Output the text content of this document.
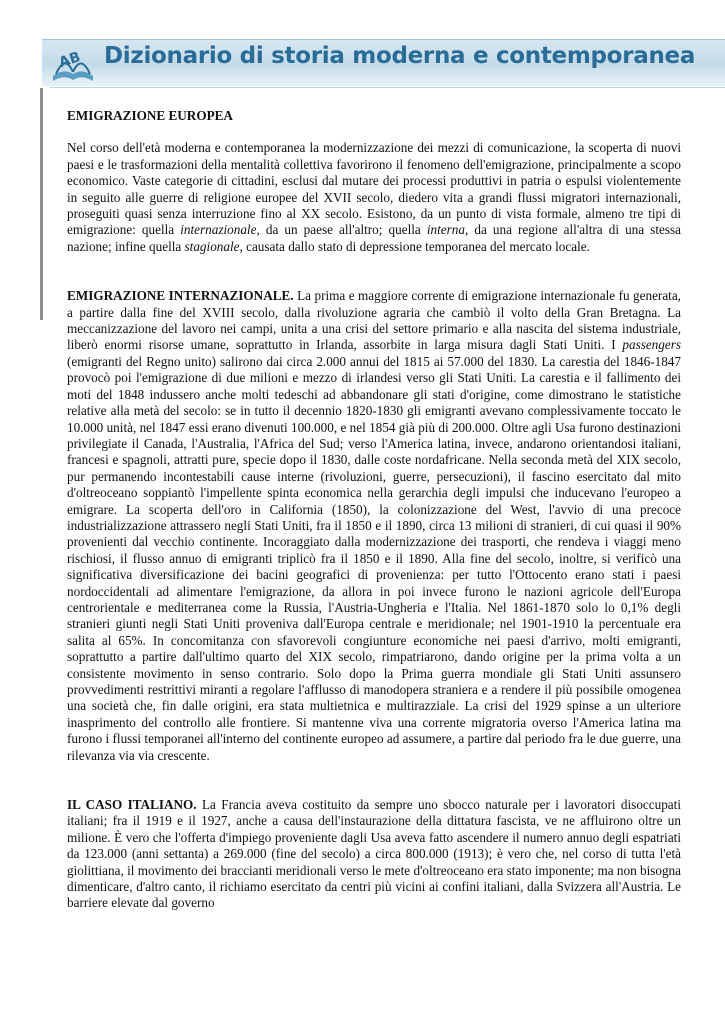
AB Dizionario di storia moderna e contemporanea
EMIGRAZIONE EUROPEA

Nel corso dell'età moderna e contemporanea la modernizzazione dei mezzi di comunicazione, la scoperta di nuovi paesi e le trasformazioni della mentalità collettiva favorirono il fenomeno dell'emigrazione, principalmente a scopo economico. Vaste categorie di cittadini, esclusi dal mutare dei processi produttivi in patria o espulsi violentemente in seguito alle guerre di religione europee del XVII secolo, diedero vita a grandi flussi migratori internazionali, proseguiti quasi senza interruzione fino al XX secolo. Esistono, da un punto di vista formale, almeno tre tipi di emigrazione: quella internazionale, da un paese all'altro; quella interna, da una regione all'altra di una stessa nazione; infine quella stagionale, causata dallo stato di depressione temporanea del mercato locale.

EMIGRAZIONE INTERNAZIONALE. La prima e maggiore corrente di emigrazione internazionale fu generata, a partire dalla fine del XVIII secolo, dalla rivoluzione agraria che cambiò il volto della Gran Bretagna. La meccanizzazione del lavoro nei campi, unita a una crisi del settore primario e alla nascita del sistema industriale, liberò enormi risorse umane, soprattutto in Irlanda, assorbite in larga misura dagli Stati Uniti. I passengers (emigranti del Regno unito) salirono dai circa 2.000 annui del 1815 ai 57.000 del 1830. La carestia del 1846-1847 provocò poi l'emigrazione di due milioni e mezzo di irlandesi verso gli Stati Uniti. La carestia e il fallimento dei moti del 1848 indussero anche molti tedeschi ad abbandonare gli stati d'origine, come dimostrano le statistiche relative alla metà del secolo: se in tutto il decennio 1820-1830 gli emigranti avevano complessivamente toccato le 10.000 unità, nel 1847 essi erano divenuti 100.000, e nel 1854 già più di 200.000. Oltre agli Usa furono destinazioni privilegiate il Canada, l'Australia, l'Africa del Sud; verso l'America latina, invece, andarono orientandosi italiani, francesi e spagnoli, attratti pure, specie dopo il 1830, dalle coste nordafricane. Nella seconda metà del XIX secolo, pur permanendo incontestabili cause interne (rivoluzioni, guerre, persecuzioni), il fascino esercitato dal mito d'oltreoceano soppiantò l'impellente spinta economica nella gerarchia degli impulsi che inducevano l'europeo a emigrare. La scoperta dell'oro in California (1850), la colonizzazione del West, l'avvio di una precoce industrializzazione attrassero negli Stati Uniti, fra il 1850 e il 1890, circa 13 milioni di stranieri, di cui quasi il 90% provenienti dal vecchio continente. Incoraggiato dalla modernizzazione dei trasporti, che rendeva i viaggi meno rischiosi, il flusso annuo di emigranti triplicò fra il 1850 e il 1890. Alla fine del secolo, inoltre, si verificò una significativa diversificazione dei bacini geografici di provenienza: per tutto l'Ottocento erano stati i paesi nordoccidentali ad alimentare l'emigrazione, da allora in poi invece furono le nazioni agricole dell'Europa centrorientale e mediterranea come la Russia, l'Austria-Ungheria e l'Italia. Nel 1861-1870 solo lo 0,1% degli stranieri giunti negli Stati Uniti proveniva dall'Europa centrale e meridionale; nel 1901-1910 la percentuale era salita al 65%. In concomitanza con sfavorevoli congiunture economiche nei paesi d'arrivo, molti emigranti, soprattutto a partire dall'ultimo quarto del XIX secolo, rimpatriarono, dando origine per la prima volta a un consistente movimento in senso contrario. Solo dopo la Prima guerra mondiale gli Stati Uniti assunsero provvedimenti restrittivi miranti a regolare l'afflusso di manodopera straniera e a rendere il più possibile omogenea una società che, fin dalle origini, era stata multietnica e multirazziale. La crisi del 1929 spinse a un ulteriore inasprimento del controllo alle frontiere. Si mantenne viva una corrente migratoria overso l'America latina ma furono i flussi temporanei all'interno del continente europeo ad assumere, a partire dal periodo fra le due guerre, una rilevanza via via crescente.

IL CASO ITALIANO. La Francia aveva costituito da sempre uno sbocco naturale per i lavoratori disoccupati italiani; fra il 1919 e il 1927, anche a causa dell'instaurazione della dittatura fascista, ve ne affluirono oltre un milione. È vero che l'offerta d'impiego proveniente dagli Usa aveva fatto ascendere il numero annuo degli espatriati da 123.000 (anni settanta) a 269.000 (fine del secolo) a circa 800.000 (1913); è vero che, nel corso di tutta l'età giolittiana, il movimento dei braccianti meridionali verso le mete d'oltreoceano era stato imponente; ma non bisogna dimenticare, d'altro canto, il richiamo esercitato da centri più vicini ai confini italiani, dalla Svizzera all'Austria. Le barriere elevate dal governo
